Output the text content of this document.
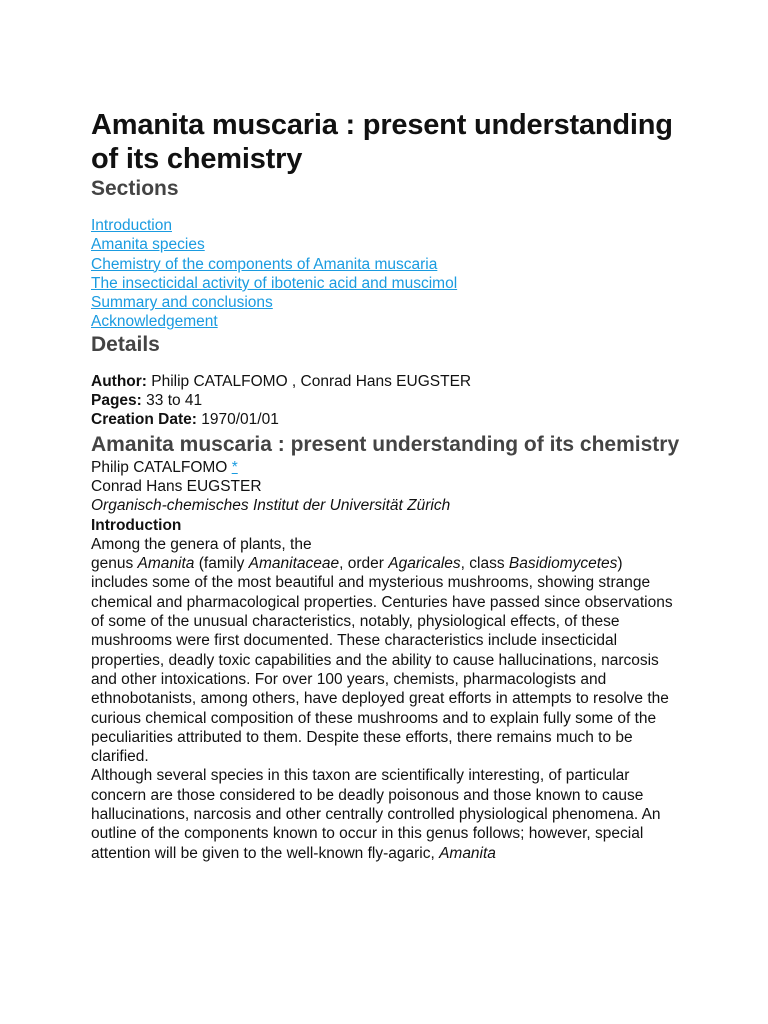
Amanita muscaria : present understanding of its chemistry
Sections
Introduction
Amanita species
Chemistry of the components of Amanita muscaria
The insecticidal activity of ibotenic acid and muscimol
Summary and conclusions
Acknowledgement
Details
Author: Philip CATALFOMO , Conrad Hans EUGSTER
Pages: 33 to 41
Creation Date: 1970/01/01
Amanita muscaria : present understanding of its chemistry
Philip CATALFOMO *
Conrad Hans EUGSTER
Organisch-chemisches Institut der Universität Zürich
Introduction

Among the genera of plants, the
genus Amanita (family Amanitaceae, order Agaricales, class Basidiomycetes)
includes some of the most beautiful and mysterious mushrooms, showing strange chemical and pharmacological properties. Centuries have passed since observations of some of the unusual characteristics, notably, physiological effects, of these mushrooms were first documented. These characteristics include insecticidal properties, deadly toxic capabilities and the ability to cause hallucinations, narcosis and other intoxications. For over 100 years, chemists, pharmacologists and ethnobotanists, among others, have deployed great efforts in attempts to resolve the curious chemical composition of these mushrooms and to explain fully some of the peculiarities attributed to them. Despite these efforts, there remains much to be clarified.

Although several species in this taxon are scientifically interesting, of particular concern are those considered to be deadly poisonous and those known to cause hallucinations, narcosis and other centrally controlled physiological phenomena. An outline of the components known to occur in this genus follows; however, special attention will be given to the well-known fly-agaric, Amanita
